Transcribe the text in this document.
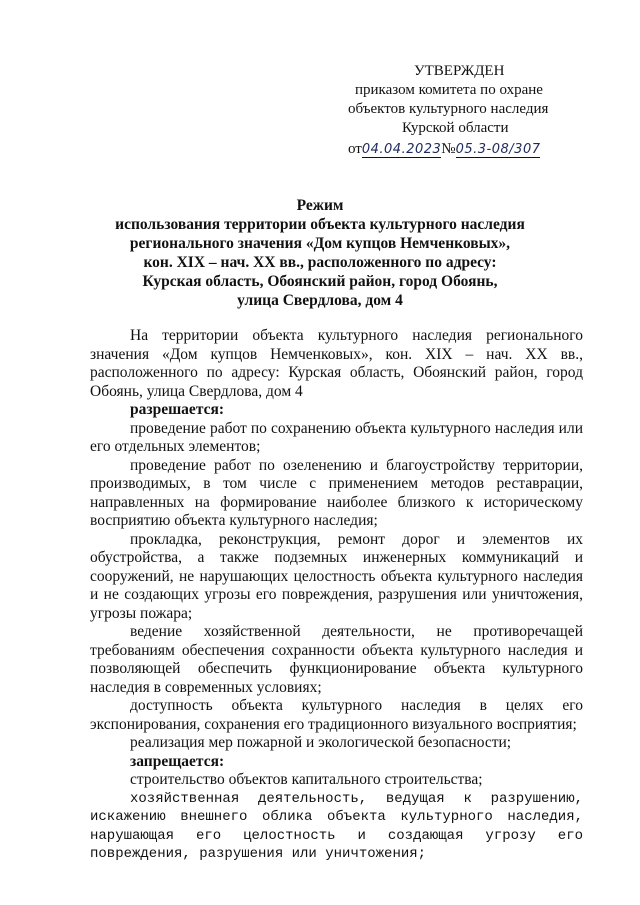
УТВЕРЖДЕН
приказом комитета по охране
объектов культурного наследия
Курской области
от04.04.2023№05.3-08/307
Режим
использования территории объекта культурного наследия
регионального значения «Дом купцов Немченковых»,
кон. XIX – нач. XX вв., расположенного по адресу:
Курская область, Обоянский район, город Обоянь,
улица Свердлова, дом 4

На территории объекта культурного наследия регионального значения «Дом купцов Немченковых», кон. XIX – нач. XX вв., расположенного по адресу: Курская область, Обоянский район, город Обоянь, улица Свердлова, дом 4

разрешается:

проведение работ по сохранению объекта культурного наследия или его отдельных элементов;

проведение работ по озеленению и благоустройству территории, производимых, в том числе с применением методов реставрации, направленных на формирование наиболее близкого к историческому восприятию объекта культурного наследия;

прокладка, реконструкция, ремонт дорог и элементов их обустройства, а также подземных инженерных коммуникаций и сооружений, не нарушающих целостность объекта культурного наследия и не создающих угрозы его повреждения, разрушения или уничтожения, угрозы пожара;

ведение хозяйственной деятельности, не противоречащей требованиям обеспечения сохранности объекта культурного наследия и позволяющей обеспечить функционирование объекта культурного наследия в современных условиях;

доступность объекта культурного наследия в целях его экспонирования, сохранения его традиционного визуального восприятия;

реализация мер пожарной и экологической безопасности;

запрещается:

строительство объектов капитального строительства;

хозяйственная деятельность, ведущая к разрушению, искажению внешнего облика объекта культурного наследия, нарушающая его целостность и создающая угрозу его повреждения, разрушения или уничтожения;
